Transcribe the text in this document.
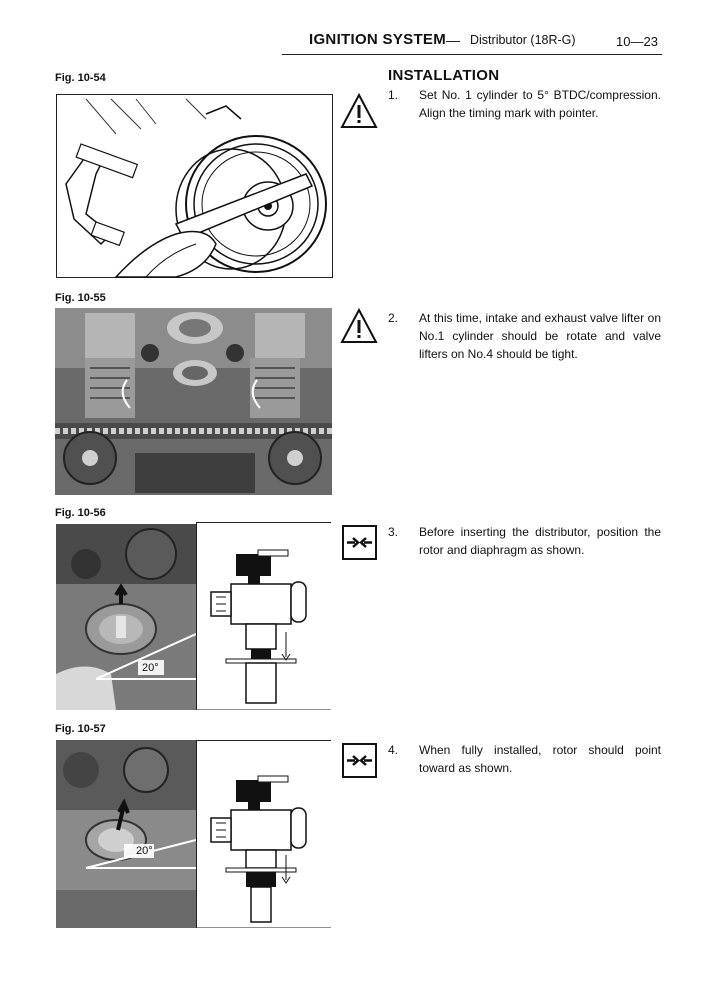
IGNITION SYSTEM — Distributor (18R-G)	10—23
Fig. 10-54	INSTALLATION
1. Set No. 1 cylinder to 5° BTDC/compression. Align the timing mark with pointer.
Fig. 10-55
2. At this time, intake and exhaust valve lifter on No.1 cylinder should be rotate and valve lifters on No.4 should be tight.
Fig. 10-56
20°
3. Before inserting the distributor, position the rotor and diaphragm as shown.
Fig. 10-57
20°
4. When fully installed, rotor should point toward as shown.
